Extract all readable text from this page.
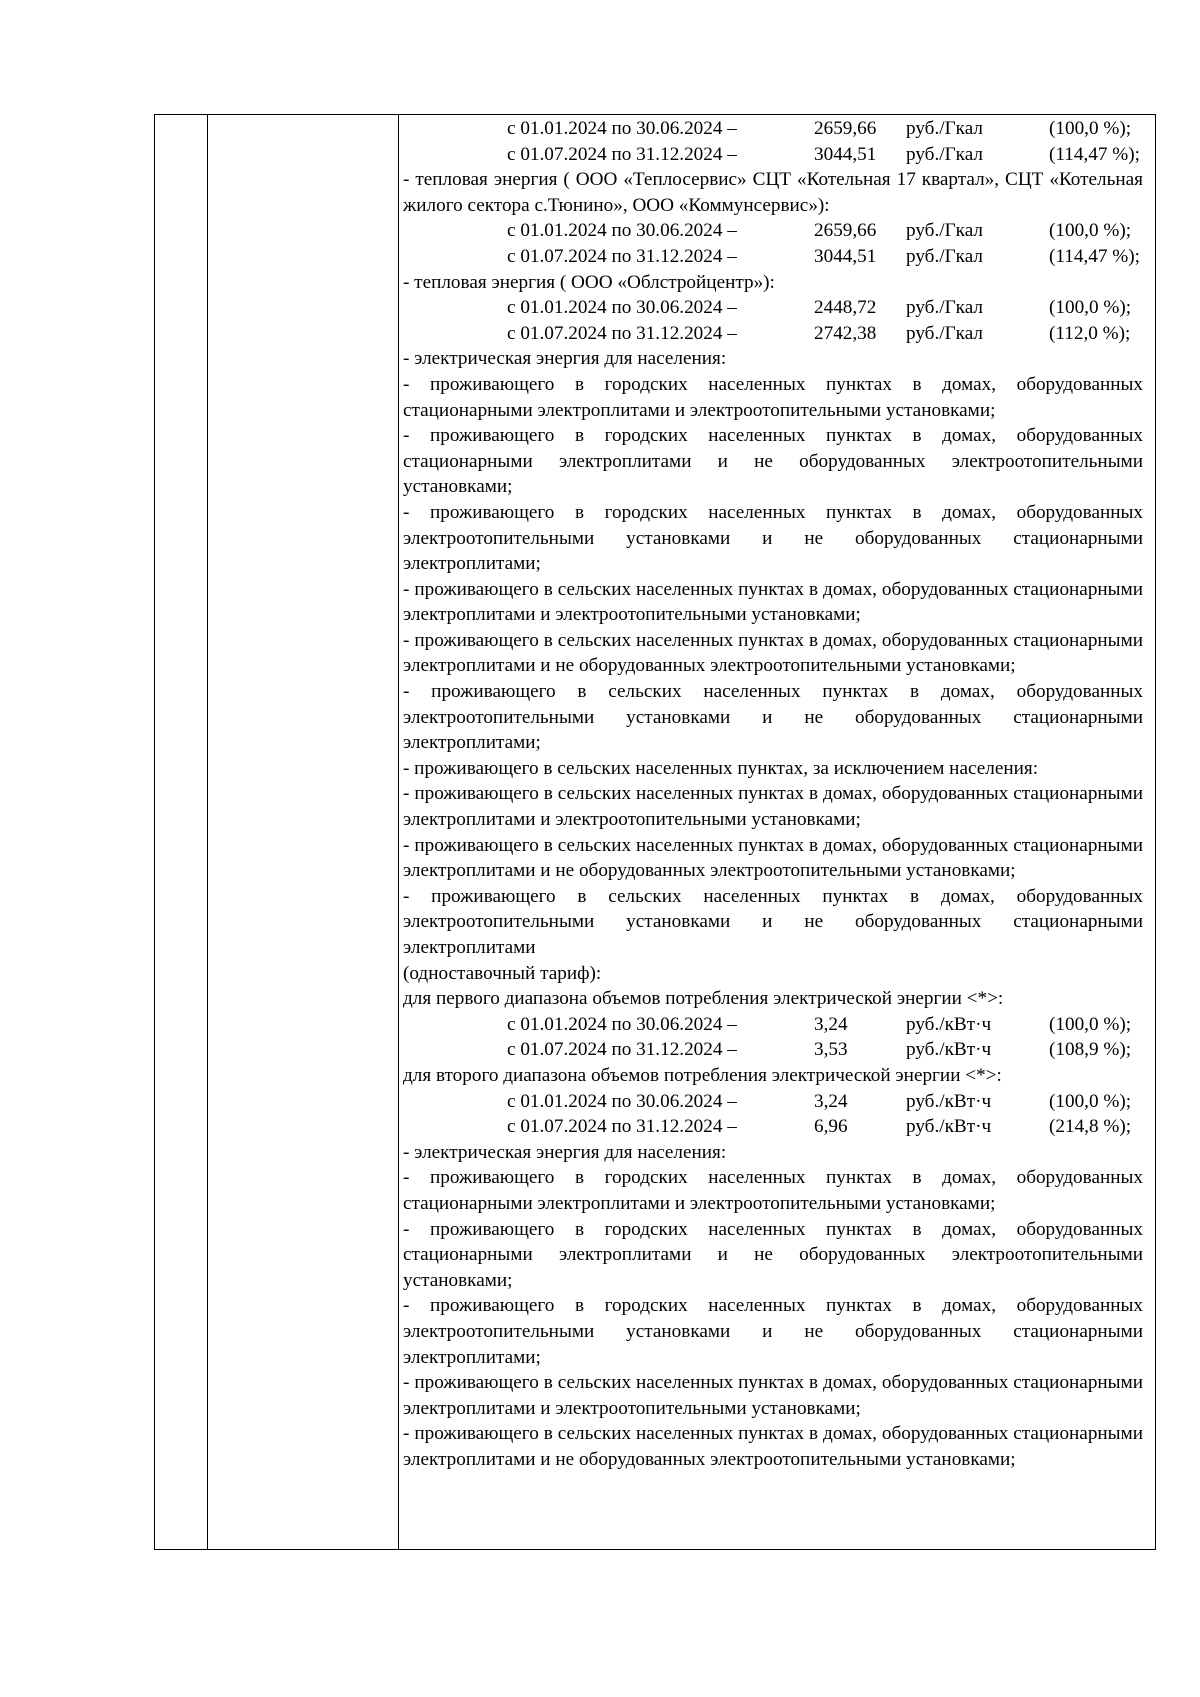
с 01.01.2024 по 30.06.2024 –	2659,66	руб./Гкал	(100,0 %);
с 01.07.2024 по 31.12.2024 –	3044,51	руб./Гкал	(114,47 %);

- тепловая энергия ( ООО «Теплосервис» СЦТ «Котельная 17 квартал», СЦТ «Котельная жилого сектора с.Тюнино», ООО «Коммунсервис»):

с 01.01.2024 по 30.06.2024 –	2659,66	руб./Гкал	(100,0 %);
с 01.07.2024 по 31.12.2024 –	3044,51	руб./Гкал	(114,47 %);

- тепловая энергия ( ООО «Облстройцентр»):

с 01.01.2024 по 30.06.2024 –	2448,72	руб./Гкал	(100,0 %);
с 01.07.2024 по 31.12.2024 –	2742,38	руб./Гкал	(112,0 %);

- электрическая энергия для населения:

- проживающего в городских населенных пунктах в домах, оборудованных стационарными электроплитами и электроотопительными установками;

- проживающего в городских населенных пунктах в домах, оборудованных стационарными электроплитами и не оборудованных электроотопительными установками;

- проживающего в городских населенных пунктах в домах, оборудованных электроотопительными установками и не оборудованных стационарными электроплитами;

- проживающего в сельских населенных пунктах в домах, оборудованных стационарными электроплитами и электроотопительными установками;

- проживающего в сельских населенных пунктах в домах, оборудованных стационарными электроплитами и не оборудованных электроотопительными установками;

- проживающего в сельских населенных пунктах в домах, оборудованных электроотопительными установками и не оборудованных стационарными электроплитами;

- проживающего в сельских населенных пунктах, за исключением населения:

- проживающего в сельских населенных пунктах в домах, оборудованных стационарными электроплитами и электроотопительными установками;

- проживающего в сельских населенных пунктах в домах, оборудованных стационарными электроплитами и не оборудованных электроотопительными установками;

- проживающего в сельских населенных пунктах в домах, оборудованных электроотопительными установками и не оборудованных стационарными электроплитами

(одноставочный тариф):

для первого диапазона объемов потребления электрической энергии <*>:

с 01.01.2024 по 30.06.2024 –	3,24	руб./кВт·ч	(100,0 %);
с 01.07.2024 по 31.12.2024 –	3,53	руб./кВт·ч	(108,9 %);

для второго диапазона объемов потребления электрической энергии <*>:

с 01.01.2024 по 30.06.2024 –	3,24	руб./кВт·ч	(100,0 %);
с 01.07.2024 по 31.12.2024 –	6,96	руб./кВт·ч	(214,8 %);

- электрическая энергия для населения:

- проживающего в городских населенных пунктах в домах, оборудованных стационарными электроплитами и электроотопительными установками;

- проживающего в городских населенных пунктах в домах, оборудованных стационарными электроплитами и не оборудованных электроотопительными установками;

- проживающего в городских населенных пунктах в домах, оборудованных электроотопительными установками и не оборудованных стационарными электроплитами;

- проживающего в сельских населенных пунктах в домах, оборудованных стационарными электроплитами и электроотопительными установками;

- проживающего в сельских населенных пунктах в домах, оборудованных стационарными электроплитами и не оборудованных электроотопительными установками;
